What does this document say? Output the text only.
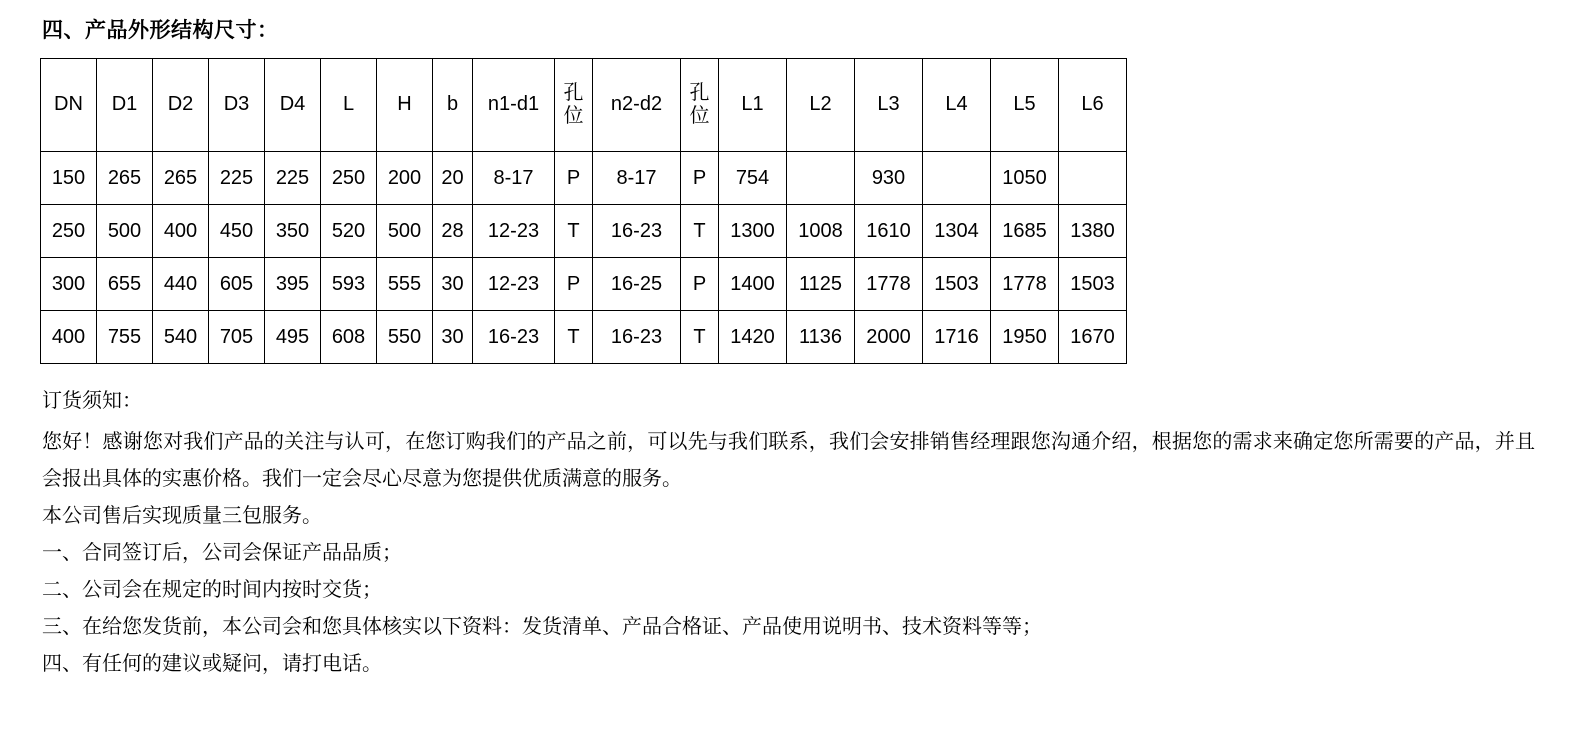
四、产品外形结构尺寸：
DN	D1	D2	D3	D4	L	H	b	n1-d1	孔位	n2-d2	孔位	L1	L2	L3	L4	L5	L6
150	265	265	225	225	250	200	20	8-17	P	8-17	P	754		930		1050	
250	500	400	450	350	520	500	28	12-23	T	16-23	T	1300	1008	1610	1304	1685	1380
300	655	440	605	395	593	555	30	12-23	P	16-25	P	1400	1125	1778	1503	1778	1503
400	755	540	705	495	608	550	30	16-23	T	16-23	T	1420	1136	2000	1716	1950	1670
订货须知：

您好！感谢您对我们产品的关注与认可，在您订购我们的产品之前，可以先与我们联系，我们会安排销售经理跟您沟通介绍，根据您的需求来确定您所需要的产品，并且会报出具体的实惠价格。我们一定会尽心尽意为您提供优质满意的服务。

本公司售后实现质量三包服务。

一、合同签订后，公司会保证产品品质；

二、公司会在规定的时间内按时交货；

三、在给您发货前，本公司会和您具体核实以下资料：发货清单、产品合格证、产品使用说明书、技术资料等等；

四、有任何的建议或疑问，请打电话。
